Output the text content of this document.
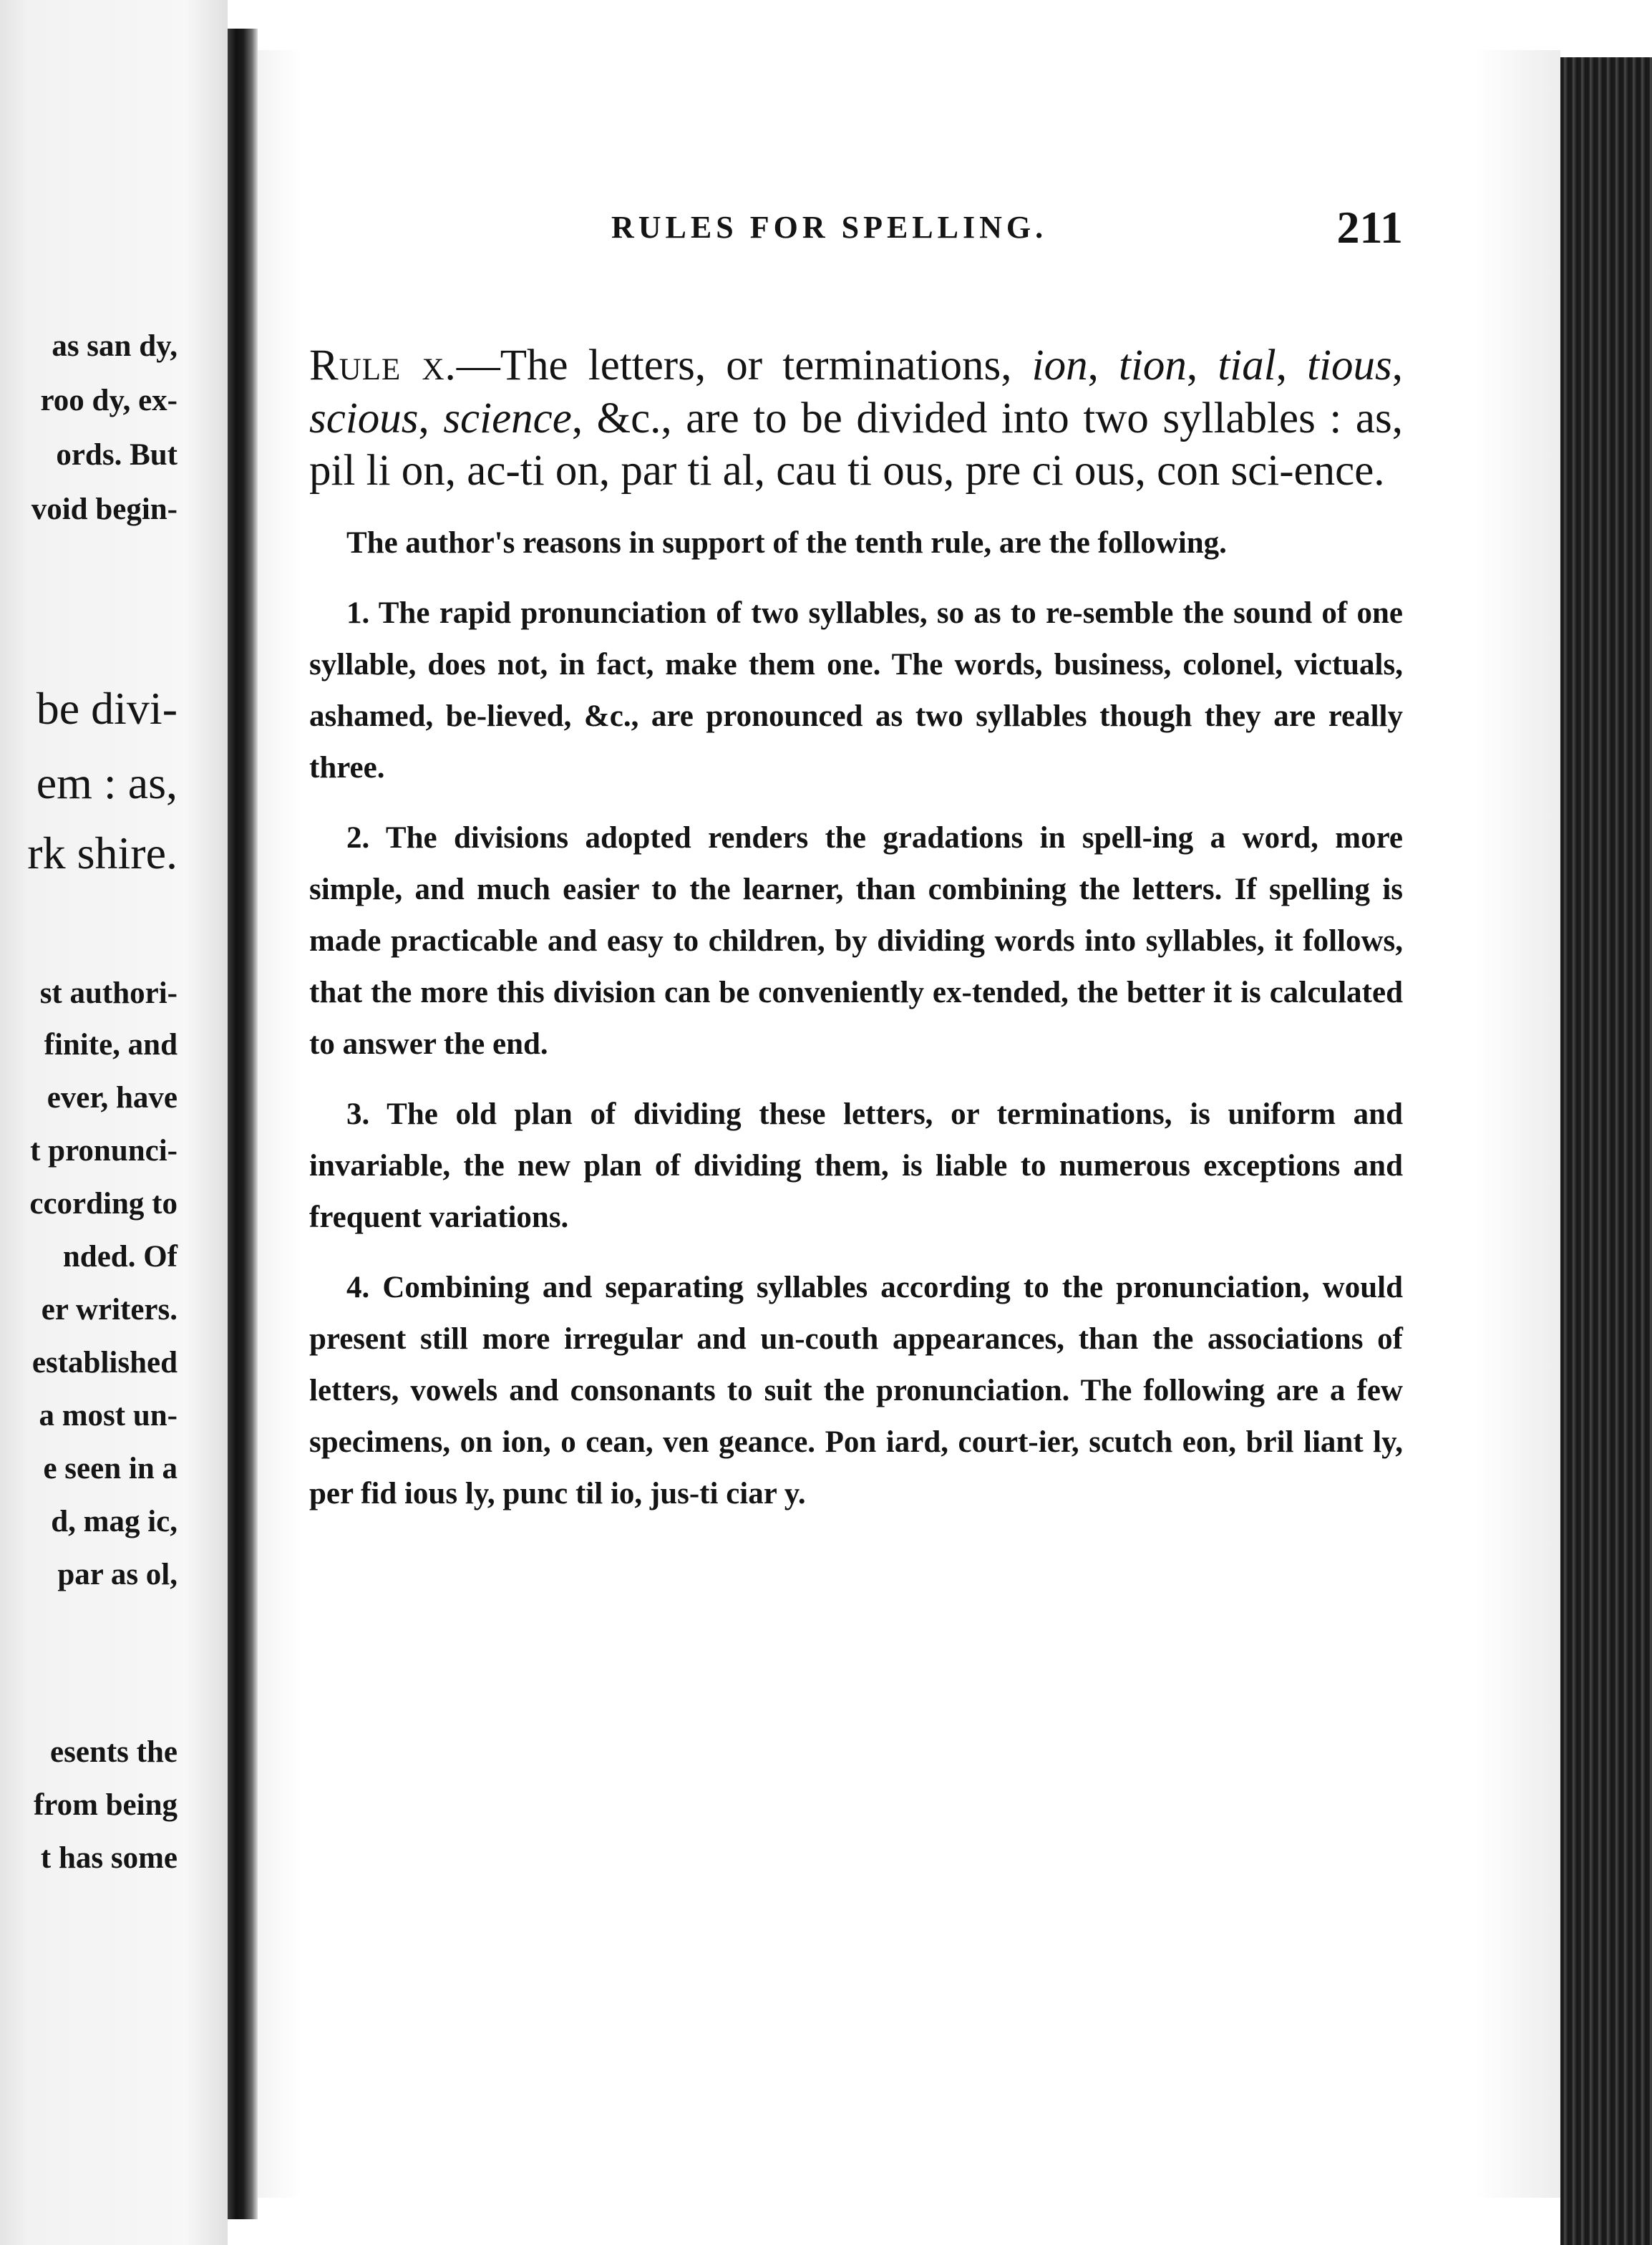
as san dy,
roo dy, ex-
ords. But
void begin-
be divi-
em : as,
rk shire.
st authori-
finite, and
ever, have
t pronunci-
ccording to
nded. Of
er writers.
established
a most un-
e seen in a
d, mag ic,
par as ol,
esents the
from being
t has some
RULES FOR SPELLING.	211

Rule x.—The letters, or terminations, ion, tion, tial, tious, scious, science, &c., are to be divided into two syllables : as, pil li on, ac-ti on, par ti al, cau ti ous, pre ci ous, con sci-ence.

The author's reasons in support of the tenth rule, are the following.

1. The rapid pronunciation of two syllables, so as to re-semble the sound of one syllable, does not, in fact, make them one. The words, business, colonel, victuals, ashamed, be-lieved, &c., are pronounced as two syllables though they are really three.

2. The divisions adopted renders the gradations in spell-ing a word, more simple, and much easier to the learner, than combining the letters. If spelling is made practicable and easy to children, by dividing words into syllables, it follows, that the more this division can be conveniently ex-tended, the better it is calculated to answer the end.

3. The old plan of dividing these letters, or terminations, is uniform and invariable, the new plan of dividing them, is liable to numerous exceptions and frequent variations.

4. Combining and separating syllables according to the pronunciation, would present still more irregular and un-couth appearances, than the associations of letters, vowels and consonants to suit the pronunciation. The following are a few specimens, on ion, o cean, ven geance. Pon iard, court-ier, scutch eon, bril liant ly, per fid ious ly, punc til io, jus-ti ciar y.
